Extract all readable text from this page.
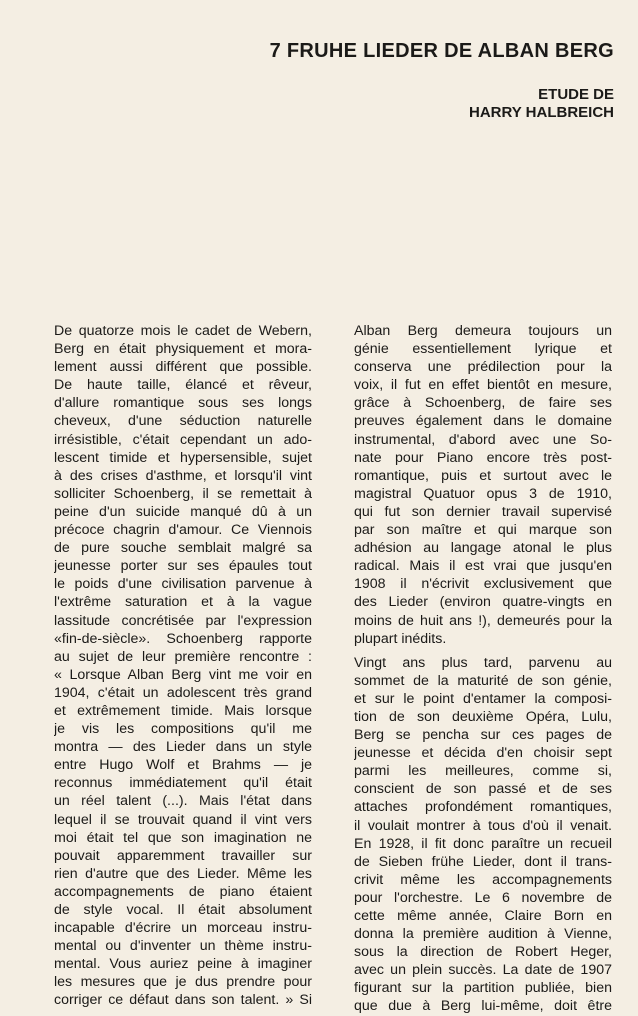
7 FRUHE LIEDER DE ALBAN BERG
ETUDE DE
HARRY HALBREICH
De quatorze mois le cadet de Webern,
Berg en était physiquement et mora-
lement aussi différent que possible.
De haute taille, élancé et rêveur,
d'allure romantique sous ses longs
cheveux, d'une séduction naturelle
irrésistible, c'était cependant un ado-
lescent timide et hypersensible, sujet
à des crises d'asthme, et lorsqu'il vint
solliciter Schoenberg, il se remettait à
peine d'un suicide manqué dû à un
précoce chagrin d'amour. Ce Viennois
de pure souche semblait malgré sa
jeunesse porter sur ses épaules tout
le poids d'une civilisation parvenue à
l'extrême saturation et à la vague
lassitude concrétisée par l'expression
«fin-de-siècle». Schoenberg rapporte
au sujet de leur première rencontre :
« Lorsque Alban Berg vint me voir en
1904, c'était un adolescent très grand
et extrêmement timide. Mais lorsque
je vis les compositions qu'il me
montra — des Lieder dans un style
entre Hugo Wolf et Brahms — je
reconnus immédiatement qu'il était
un réel talent (...). Mais l'état dans
lequel il se trouvait quand il vint vers
moi était tel que son imagination ne
pouvait apparemment travailler sur
rien d'autre que des Lieder. Même les
accompagnements de piano étaient
de style vocal. Il était absolument
incapable d'écrire un morceau instru-
mental ou d'inventer un thème instru-
mental. Vous auriez peine à imaginer
les mesures que je dus prendre pour
corriger ce défaut dans son talent. » Si
Alban Berg demeura toujours un
génie essentiellement lyrique et
conserva une prédilection pour la
voix, il fut en effet bientôt en mesure,
grâce à Schoenberg, de faire ses
preuves également dans le domaine
instrumental, d'abord avec une So-
nate pour Piano encore très post-
romantique, puis et surtout avec le
magistral Quatuor opus 3 de 1910,
qui fut son dernier travail supervisé
par son maître et qui marque son
adhésion au langage atonal le plus
radical. Mais il est vrai que jusqu'en
1908 il n'écrivit exclusivement que
des Lieder (environ quatre-vingts en
moins de huit ans !), demeurés pour la
plupart inédits.
Vingt ans plus tard, parvenu au
sommet de la maturité de son génie,
et sur le point d'entamer la composi-
tion de son deuxième Opéra, Lulu,
Berg se pencha sur ces pages de
jeunesse et décida d'en choisir sept
parmi les meilleures, comme si,
conscient de son passé et de ses
attaches profondément romantiques,
il voulait montrer à tous d'où il venait.
En 1928, il fit donc paraître un recueil
de Sieben frühe Lieder, dont il trans-
crivit même les accompagnements
pour l'orchestre. Le 6 novembre de
cette même année, Claire Born en
donna la première audition à Vienne,
sous la direction de Robert Heger,
avec un plein succès. La date de 1907
figurant sur la partition publiée, bien
que due à Berg lui-même, doit être
